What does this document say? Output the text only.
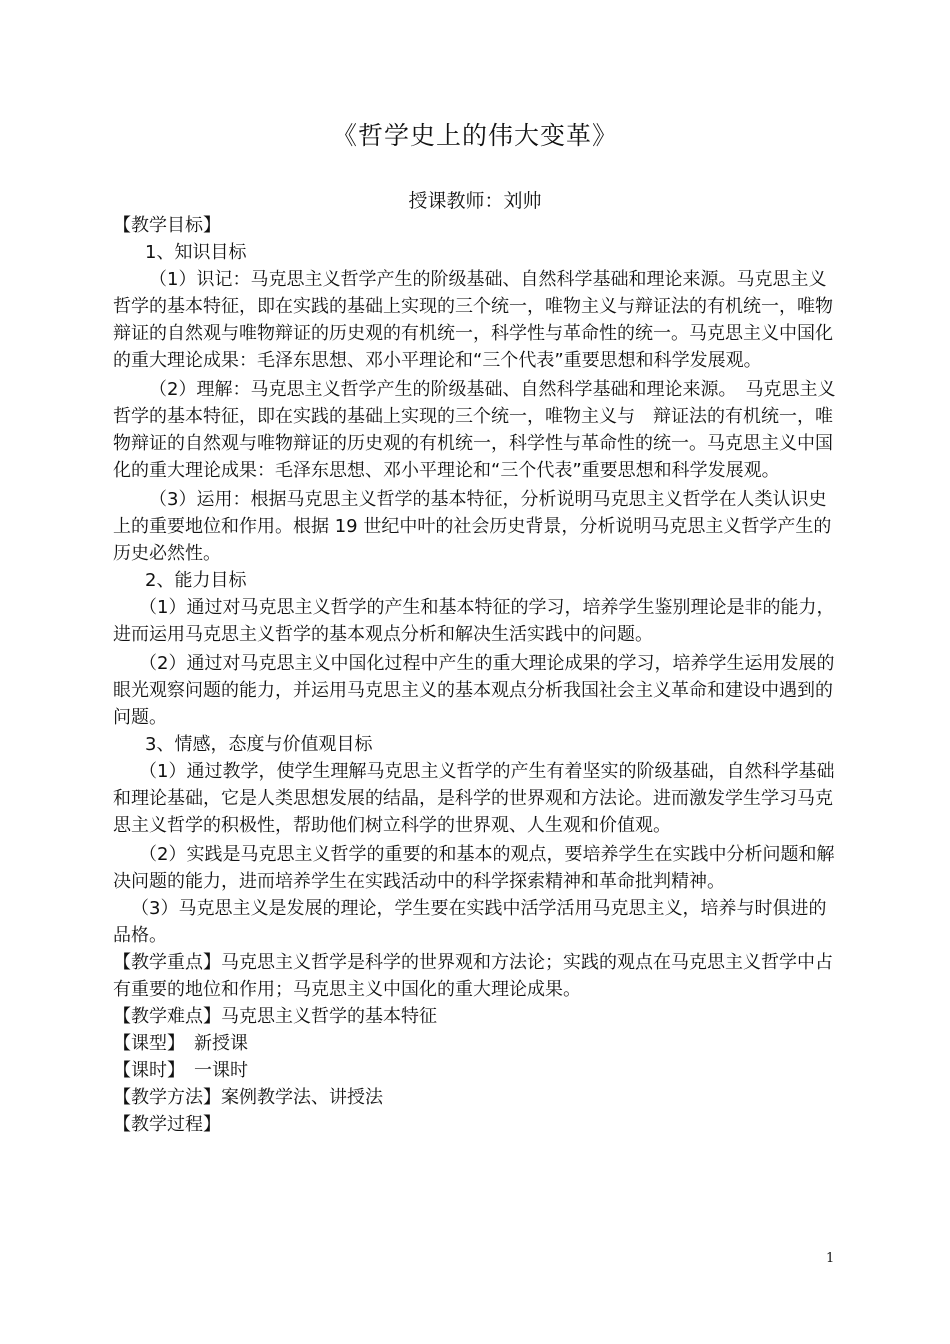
《哲学史上的伟大变革》
授课教师：刘帅

【教学目标】

1、知识目标

（1）识记：马克思主义哲学产生的阶级基础、自然科学基础和理论来源。马克思主义哲学的基本特征，即在实践的基础上实现的三个统一，唯物主义与辩证法的有机统一，唯物辩证的自然观与唯物辩证的历史观的有机统一，科学性与革命性的统一。马克思主义中国化的重大理论成果：毛泽东思想、邓小平理论和“三个代表”重要思想和科学发展观。

（2）理解：马克思主义哲学产生的阶级基础、自然科学基础和理论来源。　马克思主义哲学的基本特征，即在实践的基础上实现的三个统一，唯物主义与　辩证法的有机统一，唯物辩证的自然观与唯物辩证的历史观的有机统一，科学性与革命性的统一。马克思主义中国化的重大理论成果：毛泽东思想、邓小平理论和“三个代表”重要思想和科学发展观。

（3）运用：根据马克思主义哲学的基本特征，分析说明马克思主义哲学在人类认识史上的重要地位和作用。根据 19 世纪中叶的社会历史背景，分析说明马克思主义哲学产生的历史必然性。

2、能力目标

（1）通过对马克思主义哲学的产生和基本特征的学习，培养学生鉴别理论是非的能力，进而运用马克思主义哲学的基本观点分析和解决生活实践中的问题。

（2）通过对马克思主义中国化过程中产生的重大理论成果的学习，培养学生运用发展的眼光观察问题的能力，并运用马克思主义的基本观点分析我国社会主义革命和建设中遇到的问题。

3、情感，态度与价值观目标

（1）通过教学，使学生理解马克思主义哲学的产生有着坚实的阶级基础，自然科学基础和理论基础，它是人类思想发展的结晶，是科学的世界观和方法论。进而激发学生学习马克思主义哲学的积极性，帮助他们树立科学的世界观、人生观和价值观。

（2）实践是马克思主义哲学的重要的和基本的观点，要培养学生在实践中分析问题和解决问题的能力，进而培养学生在实践活动中的科学探索精神和革命批判精神。

（3）马克思主义是发展的理论，学生要在实践中活学活用马克思主义，培养与时俱进的品格。

【教学重点】马克思主义哲学是科学的世界观和方法论；实践的观点在马克思主义哲学中占有重要的地位和作用；马克思主义中国化的重大理论成果。

【教学难点】马克思主义哲学的基本特征

【课型】　新授课

【课时】　一课时

【教学方法】案例教学法、讲授法

【教学过程】

1
